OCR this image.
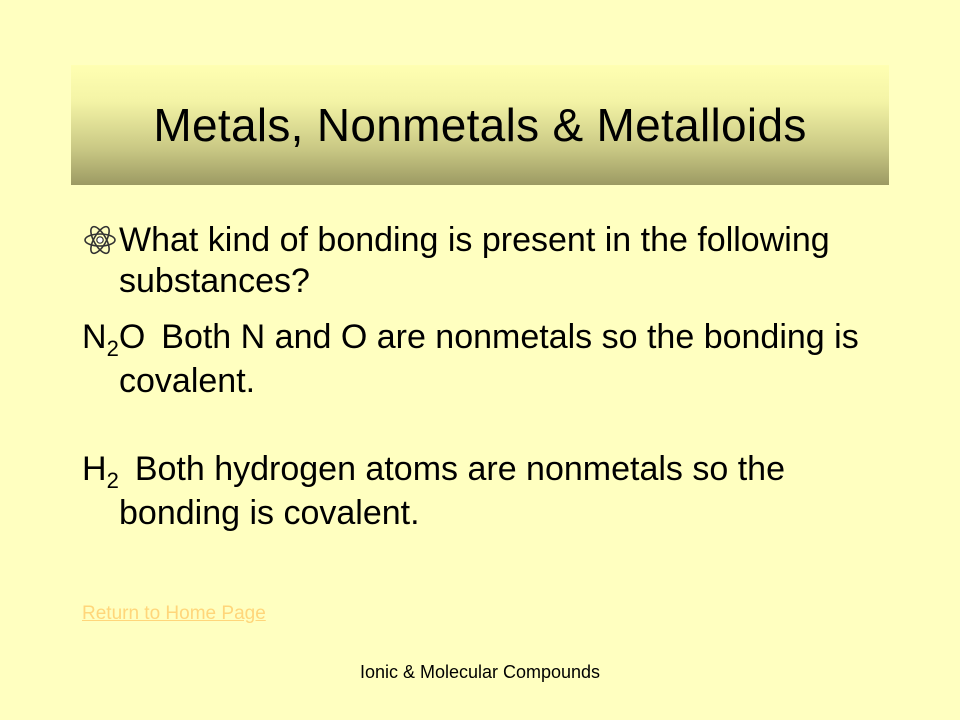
Metals, Nonmetals & Metalloids
What kind of bonding is present in the following substances?
$N_2O$ Both N and O are nonmetals so the bonding is covalent.
$H_2$ Both hydrogen atoms are nonmetals so the bonding is covalent.
Return to Home Page
Ionic & Molecular Compounds
